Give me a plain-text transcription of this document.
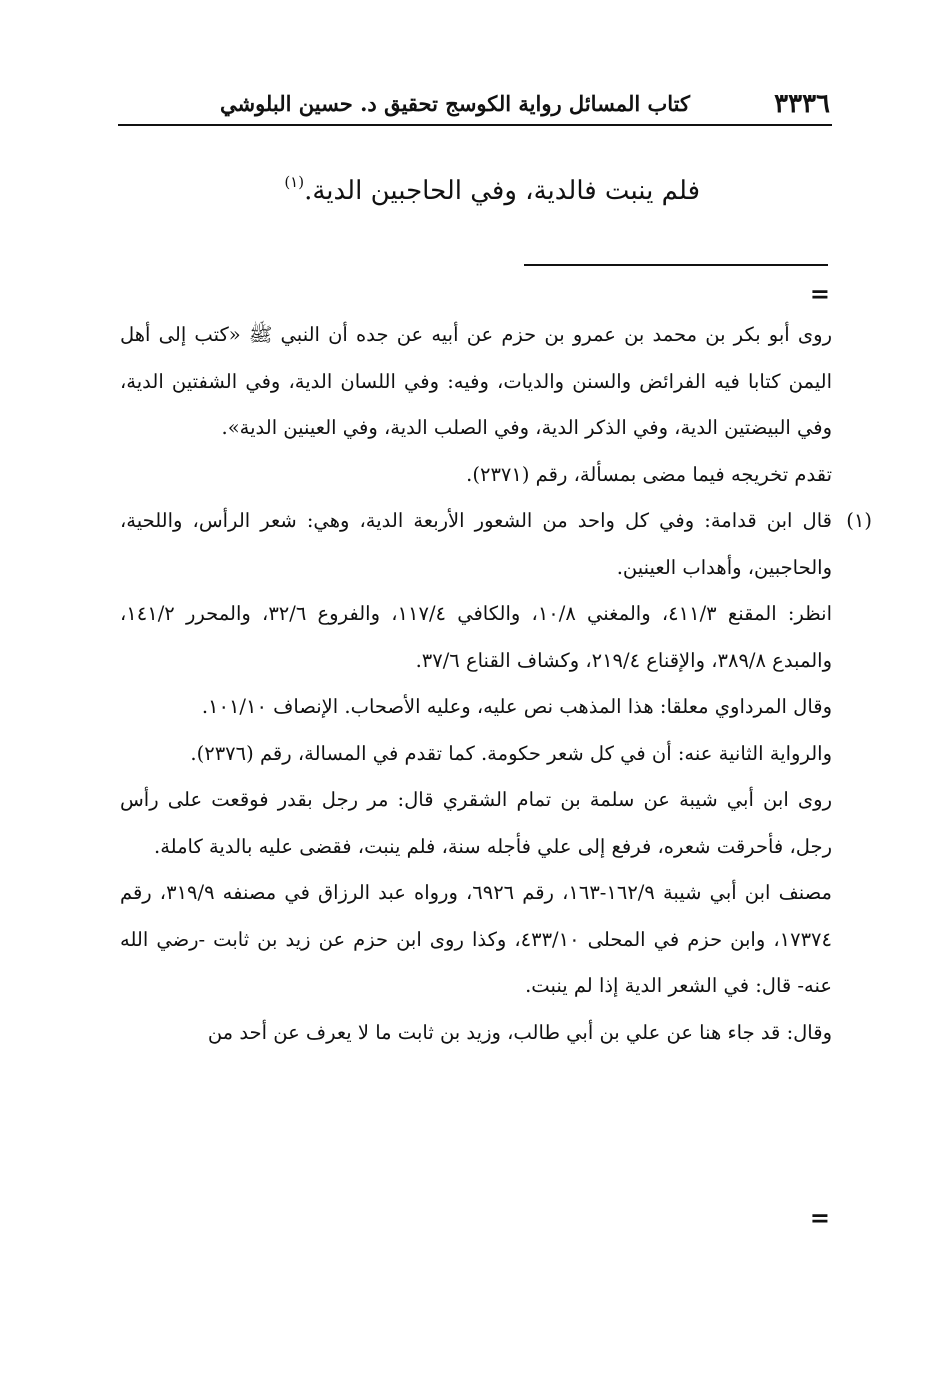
٣٣٣٦
كتاب المسائل رواية الكوسج تحقيق د. حسين البلوشي
فلم ينبت فالدية، وفي الحاجبين الدية.$^{(١)}$
=

روى أبو بكر بن محمد بن عمرو بن حزم عن أبيه عن جده أن النبي ﷺ «كتب إلى أهل اليمن كتابا فيه الفرائض والسنن والديات، وفيه: وفي اللسان الدية، وفي الشفتين الدية، وفي البيضتين الدية، وفي الذكر الدية، وفي الصلب الدية، وفي العينين الدية».

تقدم تخريجه فيما مضى بمسألة، رقم (٢٣٧١).

(١)قال ابن قدامة: وفي كل واحد من الشعور الأربعة الدية، وهي: شعر الرأس، واللحية، والحاجبين، وأهداب العينين.

انظر: المقنع ٤١١/٣، والمغني ١٠/٨، والكافي ١١٧/٤، والفروع ٣٢/٦، والمحرر ١٤١/٢، والمبدع ٣٨٩/٨، والإقناع ٢١٩/٤، وكشاف القناع ٣٧/٦.

وقال المرداوي معلقا: هذا المذهب نص عليه، وعليه الأصحاب. الإنصاف ١٠١/١٠.

والرواية الثانية عنه: أن في كل شعر حكومة. كما تقدم في المسالة، رقم (٢٣٧٦).

روى ابن أبي شيبة عن سلمة بن تمام الشقري قال: مر رجل بقدر فوقعت على رأس رجل، فأحرقت شعره، فرفع إلى علي فأجله سنة، فلم ينبت، فقضى عليه بالدية كاملة.

مصنف ابن أبي شيبة ١٦٢/٩-١٦٣، رقم ٦٩٢٦، ورواه عبد الرزاق في مصنفه ٣١٩/٩، رقم ١٧٣٧٤، وابن حزم في المحلى ٤٣٣/١٠، وكذا روى ابن حزم عن زيد بن ثابت -رضي الله عنه- قال: في الشعر الدية إذا لم ينبت.

وقال: قد جاء هنا عن علي بن أبي طالب، وزيد بن ثابت ما لا يعرف عن أحد من

=
